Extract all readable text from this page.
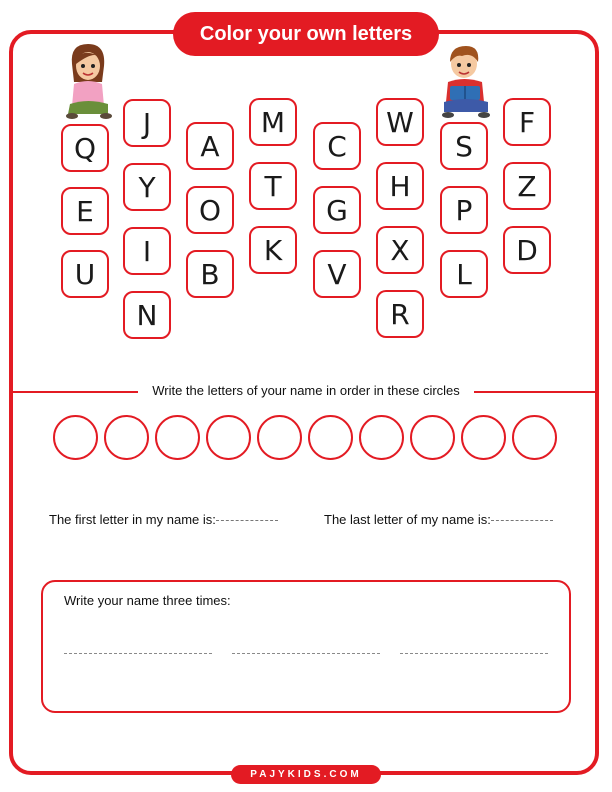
Color your own letters
Q
J
A
M
C
W
S
F
E
Y
O
T
G
H
P
Z
U
I
B
K
V
X
L
D
N	R
Write the letters of your name in order in these circles
The first letter in my name is:	The last letter of my name is:
Write your name three times:
PAJYKIDS.COM
